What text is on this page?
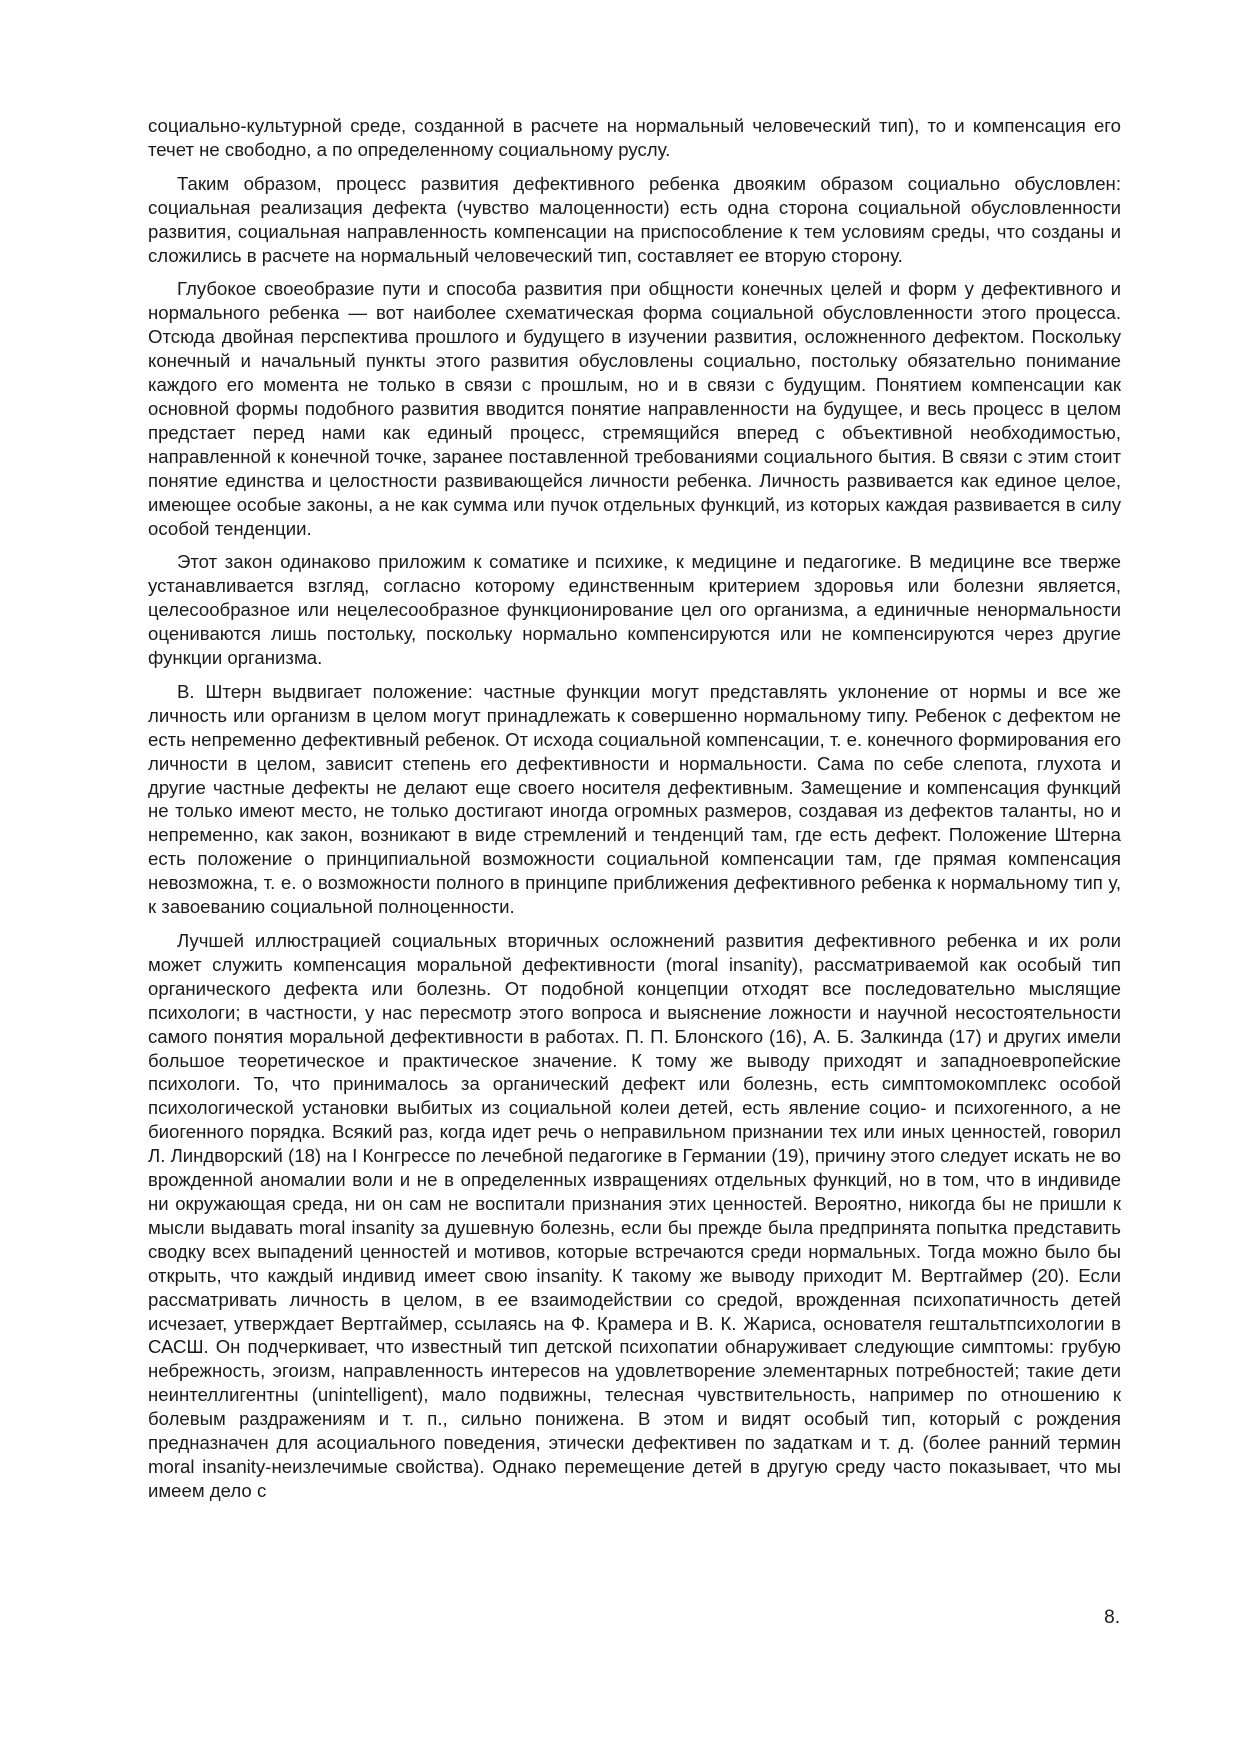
социально-культурной среде, созданной в расчете на нормальный человеческий тип), то и компенсация его течет не свободно, а по определенному социальному руслу.

Таким образом, процесс развития дефективного ребенка двояким образом социально обусловлен: социальная реализация дефекта (чувство малоценности) есть одна сторона социальной обусловленности развития, социальная направленность компенсации на приспособление к тем условиям среды, что созданы и сложились в расчете на нормальный человеческий тип, составляет ее вторую сторону.

Глубокое своеобразие пути и способа развития при общности конечных целей и форм у дефективного и нормального ребенка — вот наиболее схематическая форма социальной обусловленности этого процесса. Отсюда двойная перспектива прошлого и будущего в изучении развития, осложненного дефектом. Поскольку конечный и начальный пункты этого развития обусловлены социально, постольку обязательно понимание каждого его момента не только в связи с прошлым, но и в связи с будущим. Понятием компенсации как основной формы подобного развития вводится понятие направленности на будущее, и весь процесс в целом предстает перед нами как единый процесс, стремящийся вперед с объективной необходимостью, направленной к конечной точке, заранее поставленной требованиями социального бытия. В связи с этим стоит понятие единства и целостности развивающейся личности ребенка. Личность развивается как единое целое, имеющее особые законы, а не как сумма или пучок отдельных функций, из которых каждая развивается в силу особой тенденции.

Этот закон одинаково приложим к соматике и психике, к медицине и педагогике. В медицине все тверже устанавливается взгляд, согласно которому единственным критерием здоровья или болезни является, целесообразное или нецелесообразное функционирование цел ого организма, а единичные ненормальности оцениваются лишь постольку, поскольку нормально компенсируются или не компенсируются через другие функции организма.

В. Штерн выдвигает положение: частные функции могут представлять уклонение от нормы и все же личность или организм в целом могут принадлежать к совершенно нормальному типу. Ребенок с дефектом не есть непременно дефективный ребенок. От исхода социальной компенсации, т. е. конечного формирования его личности в целом, зависит степень его дефективности и нормальности. Сама по себе слепота, глухота и другие частные дефекты не делают еще своего носителя дефективным. Замещение и компенсация функций не только имеют место, не только достигают иногда огромных размеров, создавая из дефектов таланты, но и непременно, как закон, возникают в виде стремлений и тенденций там, где есть дефект. Положение Штерна есть положение о принципиальной возможности социальной компенсации там, где прямая компенсация невозможна, т. е. о возможности полного в принципе приближения дефективного ребенка к нормальному тип у, к завоеванию социальной полноценности.

Лучшей иллюстрацией социальных вторичных осложнений развития дефективного ребенка и их роли может служить компенсация моральной дефективности (moral insanity), рассматриваемой как особый тип органического дефекта или болезнь. От подобной концепции отходят все последовательно мыслящие психологи; в частности, у нас пересмотр этого вопроса и выяснение ложности и научной несостоятельности самого понятия моральной дефективности в работах. П. П. Блонского (16), А. Б. Залкинда (17) и других имели большое теоретическое и практическое значение. К тому же выводу приходят и западноевропейские психологи. То, что принималось за органический дефект или болезнь, есть симптомокомплекс особой психологической установки выбитых из социальной колеи детей, есть явление социо- и психогенного, а не биогенного порядка. Всякий раз, когда идет речь о неправильном признании тех или иных ценностей, говорил Л. Линдворский (18) на I Конгрессе по лечебной педагогике в Германии (19), причину этого следует искать не во врожденной аномалии воли и не в определенных извращениях отдельных функций, но в том, что в индивиде ни окружающая среда, ни он сам не воспитали признания этих ценностей. Вероятно, никогда бы не пришли к мысли выдавать moral insanity за душевную болезнь, если бы прежде была предпринята попытка представить сводку всех выпадений ценностей и мотивов, которые встречаются среди нормальных. Тогда можно было бы открыть, что каждый индивид имеет свою insanity. К такому же выводу приходит М. Вертгаймер (20). Если рассматривать личность в целом, в ее взаимодействии со средой, врожденная психопатичность детей исчезает, утверждает Вертгаймер, ссылаясь на Ф. Крамера и В. К. Жариса, основателя гештальтпсихологии в САСШ. Он подчеркивает, что известный тип детской психопатии обнаруживает следующие симптомы: грубую небрежность, эгоизм, направленность интересов на удовлетворение элементарных потребностей; такие дети неинтеллигентны (unintelligent), мало подвижны, телесная чувствительность, например по отношению к болевым раздражениям и т. п., сильно понижена. В этом и видят особый тип, который с рождения предназначен для асоциального поведения, этически дефективен по задаткам и т. д. (более ранний термин moral insanity-неизлечимые свойства). Однако перемещение детей в другую среду часто показывает, что мы имеем дело с

8.
